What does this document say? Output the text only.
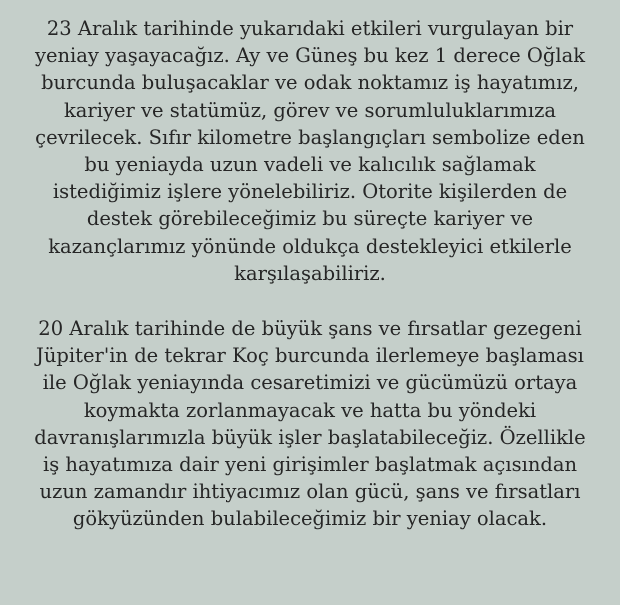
23 Aralık tarihinde yukarıdaki etkileri vurgulayan bir
yeniay yaşayacağız. Ay ve Güneş bu kez 1 derece Oğlak
burcunda buluşacaklar ve odak noktamız iş hayatımız,
kariyer ve statümüz, görev ve sorumluluklarımıza
çevrilecek. Sıfır kilometre başlangıçları sembolize eden
bu yeniayda uzun vadeli ve kalıcılık sağlamak
istediğimiz işlere yönelebiliriz. Otorite kişilerden de
destek görebileceğimiz bu süreçte kariyer ve
kazançlarımız yönünde oldukça destekleyici etkilerle
karşılaşabiliriz.

20 Aralık tarihinde de büyük şans ve fırsatlar gezegeni
Jüpiter'in de tekrar Koç burcunda ilerlemeye başlaması
ile Oğlak yeniayında cesaretimizi ve gücümüzü ortaya
koymakta zorlanmayacak ve hatta bu yöndeki
davranışlarımızla büyük işler başlatabileceğiz. Özellikle
iş hayatımıza dair yeni girişimler başlatmak açısından
uzun zamandır ihtiyacımız olan gücü, şans ve fırsatları
gökyüzünden bulabileceğimiz bir yeniay olacak.
